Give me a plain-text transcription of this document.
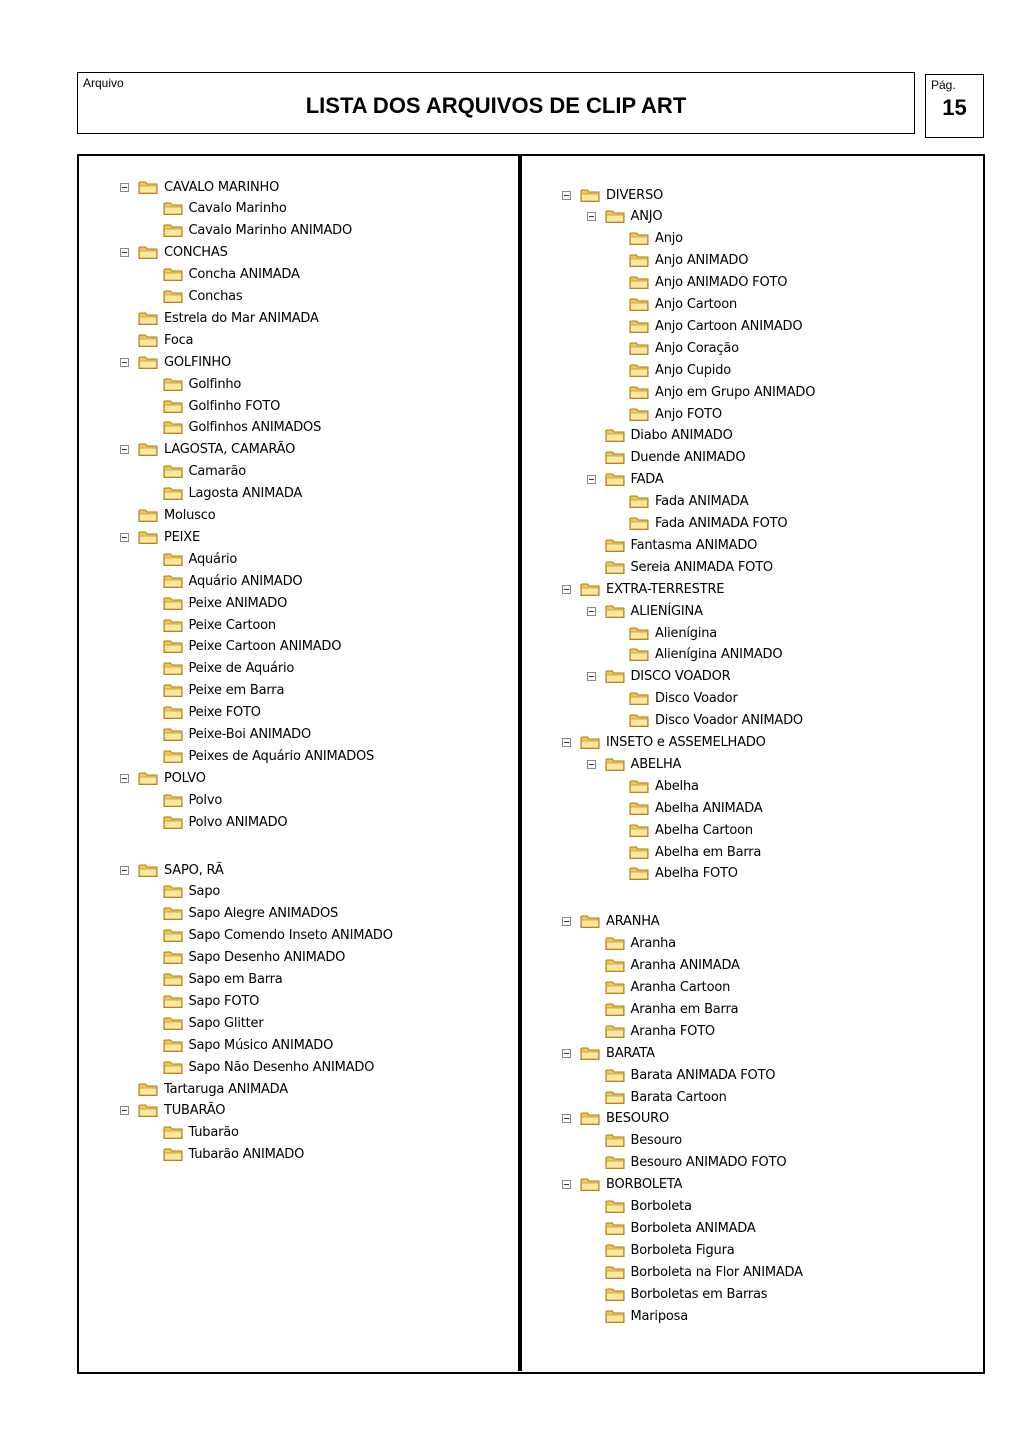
Arquivo
LISTA DOS ARQUIVOS DE CLIP ART
Pág.
15
CAVALO MARINHO
Cavalo Marinho
Cavalo Marinho ANIMADO
CONCHAS
Concha ANIMADA
Conchas
Estrela do Mar ANIMADA
Foca
GOLFINHO
Golfinho
Golfinho FOTO
Golfinhos ANIMADOS
LAGOSTA, CAMARÃO
Camarão
Lagosta ANIMADA
Molusco
PEIXE
Aquário
Aquário ANIMADO
Peixe ANIMADO
Peixe Cartoon
Peixe Cartoon ANIMADO
Peixe de Aquário
Peixe em Barra
Peixe FOTO
Peixe-Boi ANIMADO
Peixes de Aquário ANIMADOS
POLVO
Polvo
Polvo ANIMADO
SAPO, RÃ
Sapo
Sapo Alegre ANIMADOS
Sapo Comendo Inseto ANIMADO
Sapo Desenho ANIMADO
Sapo em Barra
Sapo FOTO
Sapo Glitter
Sapo Músico ANIMADO
Sapo Não Desenho ANIMADO
Tartaruga ANIMADA
TUBARÃO
Tubarão
Tubarão ANIMADO
DIVERSO
ANJO
Anjo
Anjo ANIMADO
Anjo ANIMADO FOTO
Anjo Cartoon
Anjo Cartoon ANIMADO
Anjo Coração
Anjo Cupido
Anjo em Grupo ANIMADO
Anjo FOTO
Diabo ANIMADO
Duende ANIMADO
FADA
Fada ANIMADA
Fada ANIMADA FOTO
Fantasma ANIMADO
Sereia ANIMADA FOTO
EXTRA-TERRESTRE
ALIENÍGINA
Alienígina
Alienígina ANIMADO
DISCO VOADOR
Disco Voador
Disco Voador ANIMADO
INSETO e ASSEMELHADO
ABELHA
Abelha
Abelha ANIMADA
Abelha Cartoon
Abelha em Barra
Abelha FOTO
ARANHA
Aranha
Aranha ANIMADA
Aranha Cartoon
Aranha em Barra
Aranha FOTO
BARATA
Barata ANIMADA FOTO
Barata Cartoon
BESOURO
Besouro
Besouro ANIMADO FOTO
BORBOLETA
Borboleta
Borboleta ANIMADA
Borboleta Figura
Borboleta na Flor ANIMADA
Borboletas em Barras
Mariposa
